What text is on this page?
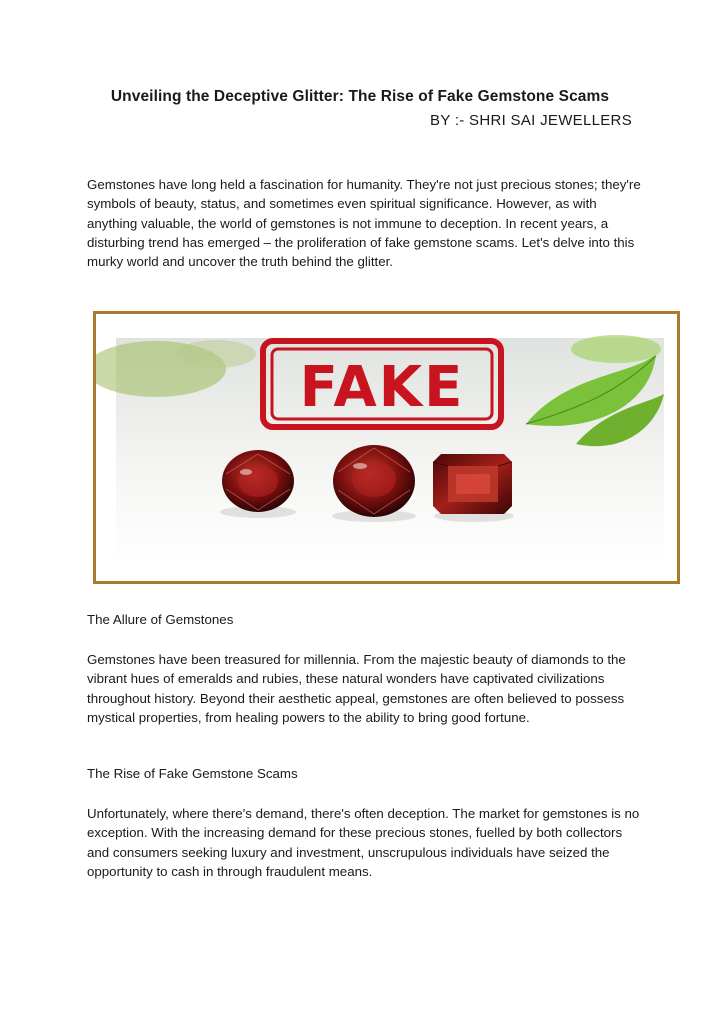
Unveiling the Deceptive Glitter: The Rise of Fake Gemstone Scams
BY :- SHRI SAI JEWELLERS

Gemstones have long held a fascination for humanity. They're not just precious stones; they're symbols of beauty, status, and sometimes even spiritual significance. However, as with anything valuable, the world of gemstones is not immune to deception. In recent years, a disturbing trend has emerged – the proliferation of fake gemstone scams. Let's delve into this murky world and uncover the truth behind the glitter.

FAKE

The Allure of Gemstones

Gemstones have been treasured for millennia. From the majestic beauty of diamonds to the vibrant hues of emeralds and rubies, these natural wonders have captivated civilizations throughout history. Beyond their aesthetic appeal, gemstones are often believed to possess mystical properties, from healing powers to the ability to bring good fortune.

The Rise of Fake Gemstone Scams

Unfortunately, where there's demand, there's often deception. The market for gemstones is no exception. With the increasing demand for these precious stones, fuelled by both collectors and consumers seeking luxury and investment, unscrupulous individuals have seized the opportunity to cash in through fraudulent means.
